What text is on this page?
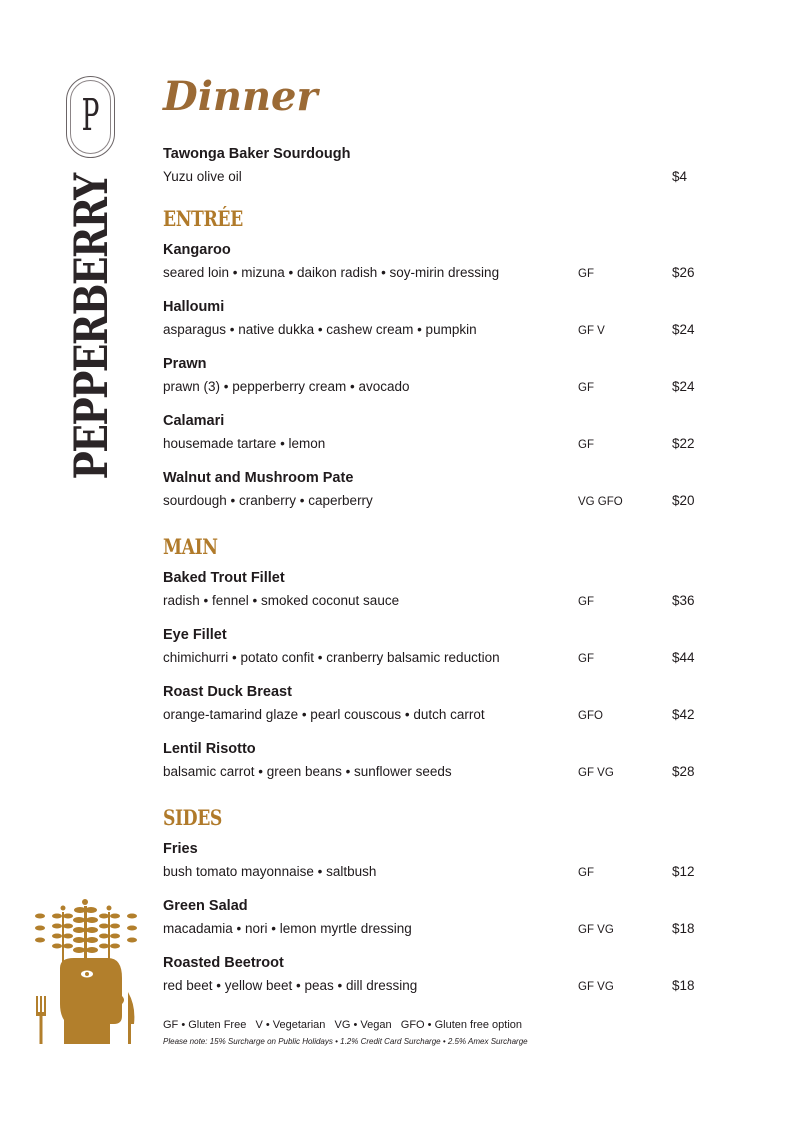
P
PEPPERBERRY
Dinner
Tawonga Baker Sourdough
Yuzu olive oil	$4
ENTRÉE
Kangaroo
seared loin • mizuna • daikon radish • soy-mirin dressing	GF	$26
Halloumi
asparagus • native dukka • cashew cream • pumpkin	GF V	$24
Prawn
prawn (3) • pepperberry cream • avocado	GF	$24
Calamari
housemade tartare • lemon	GF	$22
Walnut and Mushroom Pate
sourdough • cranberry • caperberry	VG GFO	$20
MAIN
Baked Trout Fillet
radish • fennel • smoked coconut sauce	GF	$36
Eye Fillet
chimichurri • potato confit • cranberry balsamic reduction	GF	$44
Roast Duck Breast
orange-tamarind glaze • pearl couscous • dutch carrot	GFO	$42
Lentil Risotto
balsamic carrot • green beans • sunflower seeds	GF VG	$28
SIDES
Fries
bush tomato mayonnaise • saltbush	GF	$12
Green Salad
macadamia • nori • lemon myrtle dressing	GF VG	$18
Roasted Beetroot
red beet • yellow beet • peas • dill dressing	GF VG	$18
GF • Gluten Free   V • Vegetarian   VG • Vegan   GFO • Gluten free option
Please note: 15% Surcharge on Public Holidays • 1.2% Credit Card Surcharge • 2.5% Amex Surcharge
